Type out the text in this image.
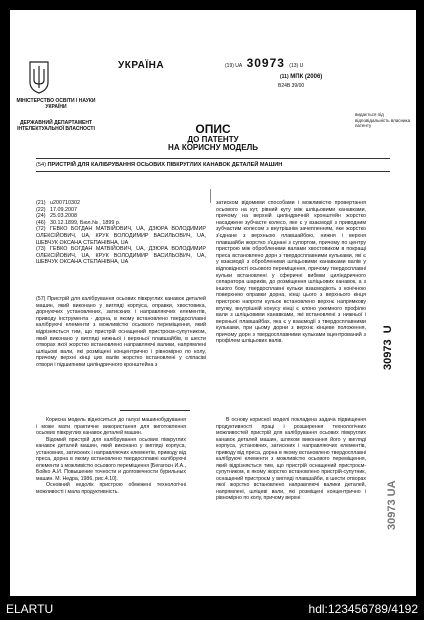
УКРАЇНА
МІНІСТЕРСТВО ОСВІТИ І НАУКИ УКРАЇНИ
ДЕРЖАВНИЙ ДЕПАРТАМЕНТ ІНТЕЛЕКТУАЛЬНОЇ ВЛАСНОСТІ
(19) UA 30973 (13) U
(11) МПК (2006)
B24B 39/00
видається під відповідальність власника патенту
ОПИС
ДО ПАТЕНТУ
НА КОРИСНУ МОДЕЛЬ
(54) ПРИСТРІЙ ДЛЯ КАЛІБРУВАННЯ ОСЬОВИХ ПІВКРУГЛИХ КАНАВОК ДЕТАЛЕЙ МАШИН
(21) u200710302
(22) 17.09.2007
(24) 25.03.2008
(46) 30.12.1899, Бюл.№ , 1899 р.
(72) ГЕВКО БОГДАН МАТВІЙОВИЧ, UA, ДЗЮРА ВОЛОДИМИР ОЛЕКСІЙОВИЧ, UA, КРУК ВОЛОДИМИР ВАСИЛЬОВИЧ, UA, ШЕВЧУК ОКСАНА СТЕПАНІВНА, UA
(73) ГЕВКО БОГДАН МАТВІЙОВИЧ, UA, ДЗЮРА ВОЛОДИМИР ОЛЕКСІЙОВИЧ, UA, КРУК ВОЛОДИМИР ВАСИЛЬОВИЧ, UA, ШЕВЧУК ОКСАНА СТЕПАНІВНА, UA
(57) Пристрій для калібрування осьових півкруглих канавок деталей машин, який виконано у вигляді корпуса, оправки, хвостовика, дорнуючих установлених, затискних і направляючих елементів, приводу інструмента - дорна, в якому встановлено твердосплавні калібруючі елементи з можливістю осьового переміщення, який відрізняється тим, що пристрій оснащений пристроєм-супутником, який виконано у вигляді нижньої і верхньої плавшайбів, в шести отворах якої жорстко встановлено направляючі валики, напрямлені шліцьові вали, які розміщені концентрично і рівномірно по колу, причому верхні кінці цих валів жорстко встановлені у сліпасіві отвори і підшипники циліндричного кронштейна з
затиском відомими способами і можливістю провертання осьового на кут, рівний куту між шліцьовими канавками, причому на верхній циліндричній кронштейн жорстко насаджене зубчасте колесо, яке є у взаємодії з приводним зубчастим колесом з внутрішнім зачепленням, яке жорстко з'єднане з верхньою плавшайбою, нижня і верхня плавшайби жорстко з'єднані з супортом, причому по центру пристрою між обробленими валами хвостовиком в покращі преса встановлено дорн з твердосплавними кульками, які є у взаємодії з обробленими шліцьовими канавками валів у відповідності осьового переміщення, причому твердосплавні кульки встановлені у сферичні вибмки циліндричного сепаратора шариків, до розміщення шліцьових канавок, а з іншого боку твердосплавні кульки взаємодіють з конічною поверхнею оправки дорна, кінці цього з верхнього кінця пристрою напроти кульок встановлено верхнє напрямкову втулку, внутрішній конусу кінці є клоно ужемного профілю вали з шліцьовими канавками, які встановлені з нижньої і верхньої плавшайбах, яка є у взаємодії з твердосплавними кульками, при цьому дорни з верхнє кінцеве положення, причому дорн з твердосплавними кульками вцентрований з профілем шліцьових валів.	30973  U
30973 UA

Корисна модель відноситься до галузі машинобудування і може мати практичне використання для виготовлення осьових півкруглих канавок деталей машин.

Відомий пристрій для калібрування осьових півкруглих канавок деталей машин, який виконано у вигляді корпуса, установних, затискних і направляючих елементів, приводу від преса, дорна в якому встановлено твердосплавні калібруючі елементи з можливістю осьового переміщення [Бегагоєн И.А., Бойко А.И. Повышение точности и долговечности бурильных машин. М. Недра, 1986, рис.4.10].

Основний недолік пристрою обмежені технологічні можливості і мала продуктивність.

В основу корисної моделі покладена задача підвищення продуктивності праці і розширення технологічних можливостей пристрій для калібрування осьових півкруглих канавок деталей машин, шляхом виконання його у вигляді корпуса, установних, затискних і направляючих елементів, приводу від преса, дорна в якому встановлено твердосплавні калібруючі елементи з можливістю осьового переміщення, який відрізняється тим, що пристрій оснащений пристроєм-супутником, в якому жорстко встановлено пристрій-супутник, оснащений пристроєм у вигляді плавшайби, в шести отворах якої жорстко встановлено направляючі валики деталей, напрямлені, шліцеві вали, які розміщені концентрично і рівномірно по колу, причому верхні

ELARTU	hdl:123456789/4192
